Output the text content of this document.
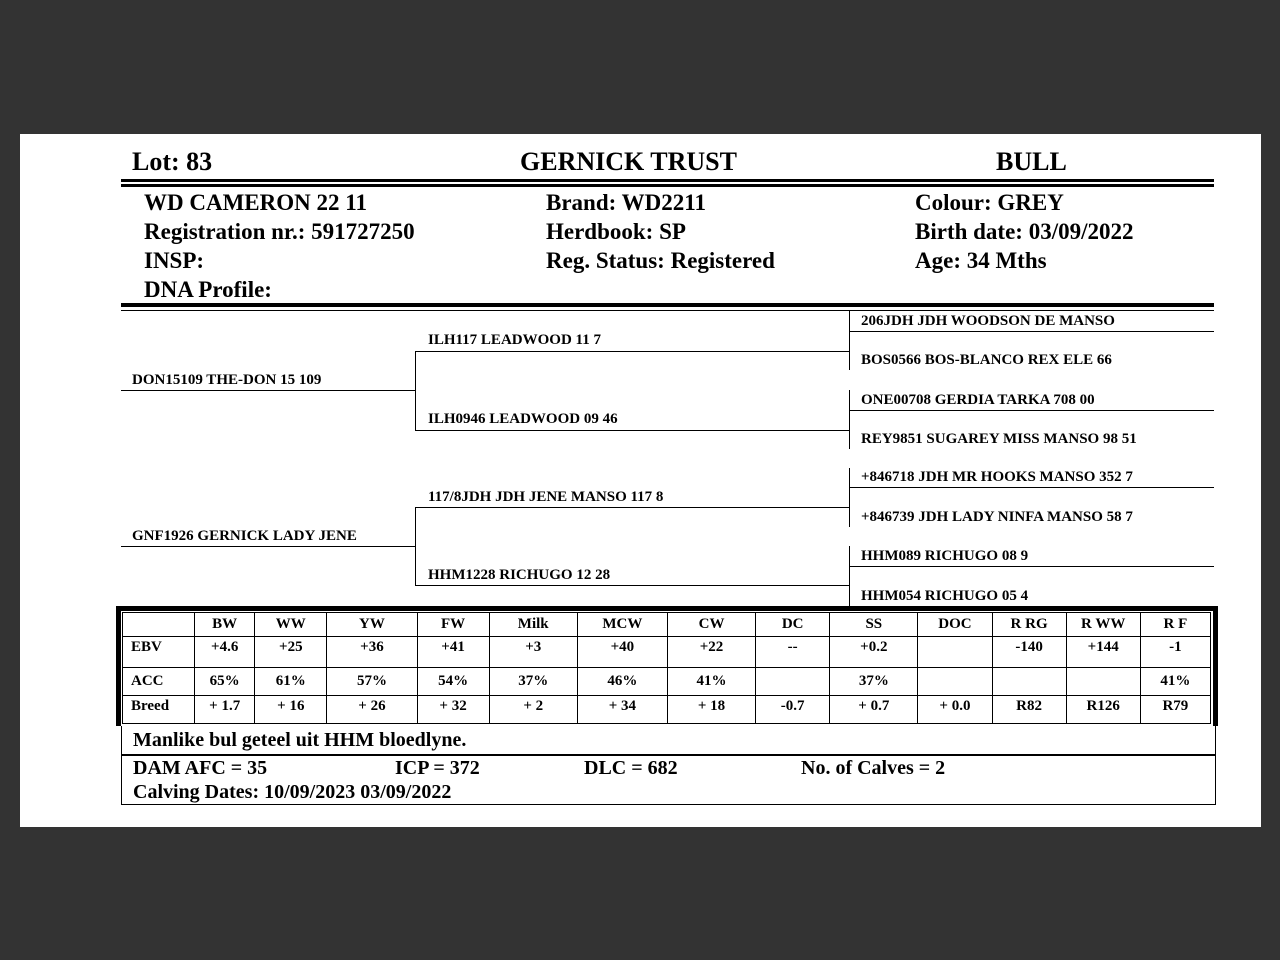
Lot: 83	GERNICK TRUST	BULL
WD CAMERON 22 11
Registration nr.: 591727250
INSP:
DNA Profile:
Brand: WD2211
Herdbook: SP
Reg. Status: Registered
Colour: GREY
Birth date: 03/09/2022
Age: 34 Mths
DON15109 THE-DON 15 109
GNF1926 GERNICK LADY JENE
ILH117 LEADWOOD 11 7
ILH0946 LEADWOOD 09 46
117/8JDH JDH JENE MANSO 117 8
HHM1228 RICHUGO 12 28
206JDH JDH WOODSON DE MANSO
BOS0566 BOS-BLANCO REX ELE 66
ONE00708 GERDIA TARKA 708 00
REY9851 SUGAREY MISS MANSO 98 51
+846718 JDH MR HOOKS MANSO 352 7
+846739 JDH LADY NINFA MANSO 58 7
HHM089 RICHUGO 08 9
HHM054 RICHUGO 05 4
	BW	WW	YW	FW	Milk	MCW	CW	DC	SS	DOC	R RG	R WW	R F
EBV	+4.6	+25	+36	+41	+3	+40	+22	--	+0.2		-140	+144	-1
ACC	65%	61%	57%	54%	37%	46%	41%		37%				41%
Breed	+ 1.7	+ 16	+ 26	+ 32	+ 2	+ 34	+ 18	-0.7	+ 0.7	+ 0.0	R82	R126	R79
Manlike bul geteel uit HHM bloedlyne.
DAM AFC = 35	ICP = 372	DLC = 682	No. of Calves = 2
Calving Dates: 10/09/2023 03/09/2022
